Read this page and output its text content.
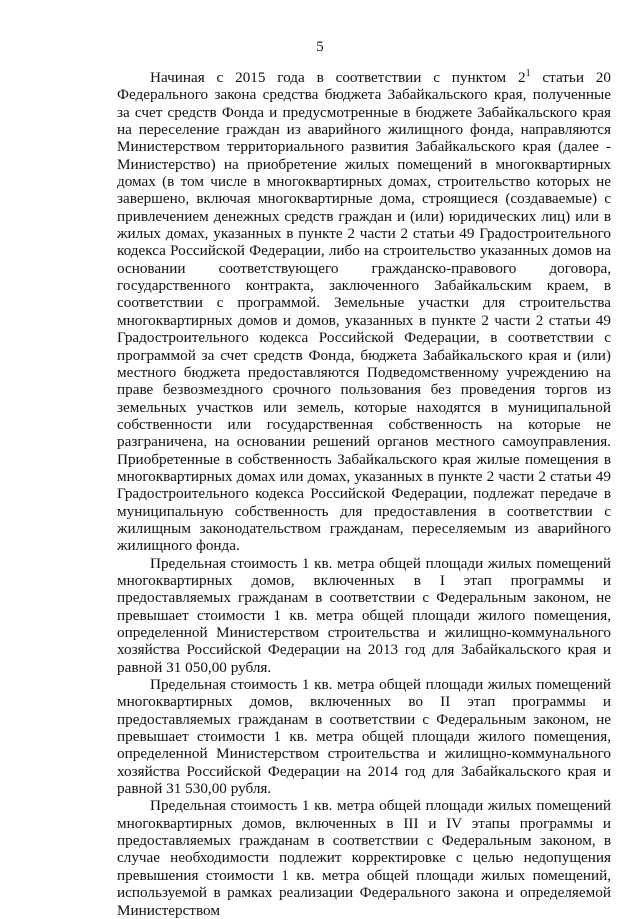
5

Начиная с 2015 года в соответствии с пунктом $2^1$ статьи 20 Федерального закона средства бюджета Забайкальского края, полученные за счет средств Фонда и предусмотренные в бюджете Забайкальского края на переселение граждан из аварийного жилищного фонда, направляются Министерством территориального развития Забайкальского края (далее - Министерство) на приобретение жилых помещений в многоквартирных домах (в том числе в многоквартирных домах, строительство которых не завершено, включая многоквартирные дома, строящиеся (создаваемые) с привлечением денежных средств граждан и (или) юридических лиц) или в жилых домах, указанных в пункте 2 части 2 статьи 49 Градостроительного кодекса Российской Федерации, либо на строительство указанных домов на основании соответствующего гражданско-правового договора, государственного контракта, заключенного Забайкальским краем, в соответствии с программой. Земельные участки для строительства многоквартирных домов и домов, указанных в пункте 2 части 2 статьи 49 Градостроительного кодекса Российской Федерации, в соответствии с программой за счет средств Фонда, бюджета Забайкальского края и (или) местного бюджета предоставляются Подведомственному учреждению на праве безвозмездного срочного пользования без проведения торгов из земельных участков или земель, которые находятся в муниципальной собственности или государственная собственность на которые не разграничена, на основании решений органов местного самоуправления. Приобретенные в собственность Забайкальского края жилые помещения в многоквартирных домах или домах, указанных в пункте 2 части 2 статьи 49 Градостроительного кодекса Российской Федерации, подлежат передаче в муниципальную собственность для предоставления в соответствии с жилищным законодательством гражданам, переселяемым из аварийного жилищного фонда.

Предельная стоимость 1 кв. метра общей площади жилых помещений многоквартирных домов, включенных в I этап программы и предоставляемых гражданам в соответствии с Федеральным законом, не превышает стоимости 1 кв. метра общей площади жилого помещения, определенной Министерством строительства и жилищно-коммунального хозяйства Российской Федерации на 2013 год для Забайкальского края и равной 31 050,00 рубля.

Предельная стоимость 1 кв. метра общей площади жилых помещений многоквартирных домов, включенных во II этап программы и предоставляемых гражданам в соответствии с Федеральным законом, не превышает стоимости 1 кв. метра общей площади жилого помещения, определенной Министерством строительства и жилищно-коммунального хозяйства Российской Федерации на 2014 год для Забайкальского края и равной 31 530,00 рубля.

Предельная стоимость 1 кв. метра общей площади жилых помещений многоквартирных домов, включенных в III и IV этапы программы и предоставляемых гражданам в соответствии с Федеральным законом, в случае необходимости подлежит корректировке с целью недопущения превышения стоимости 1 кв. метра общей площади жилых помещений, используемой в рамках реализации Федерального закона и определяемой Министерством
